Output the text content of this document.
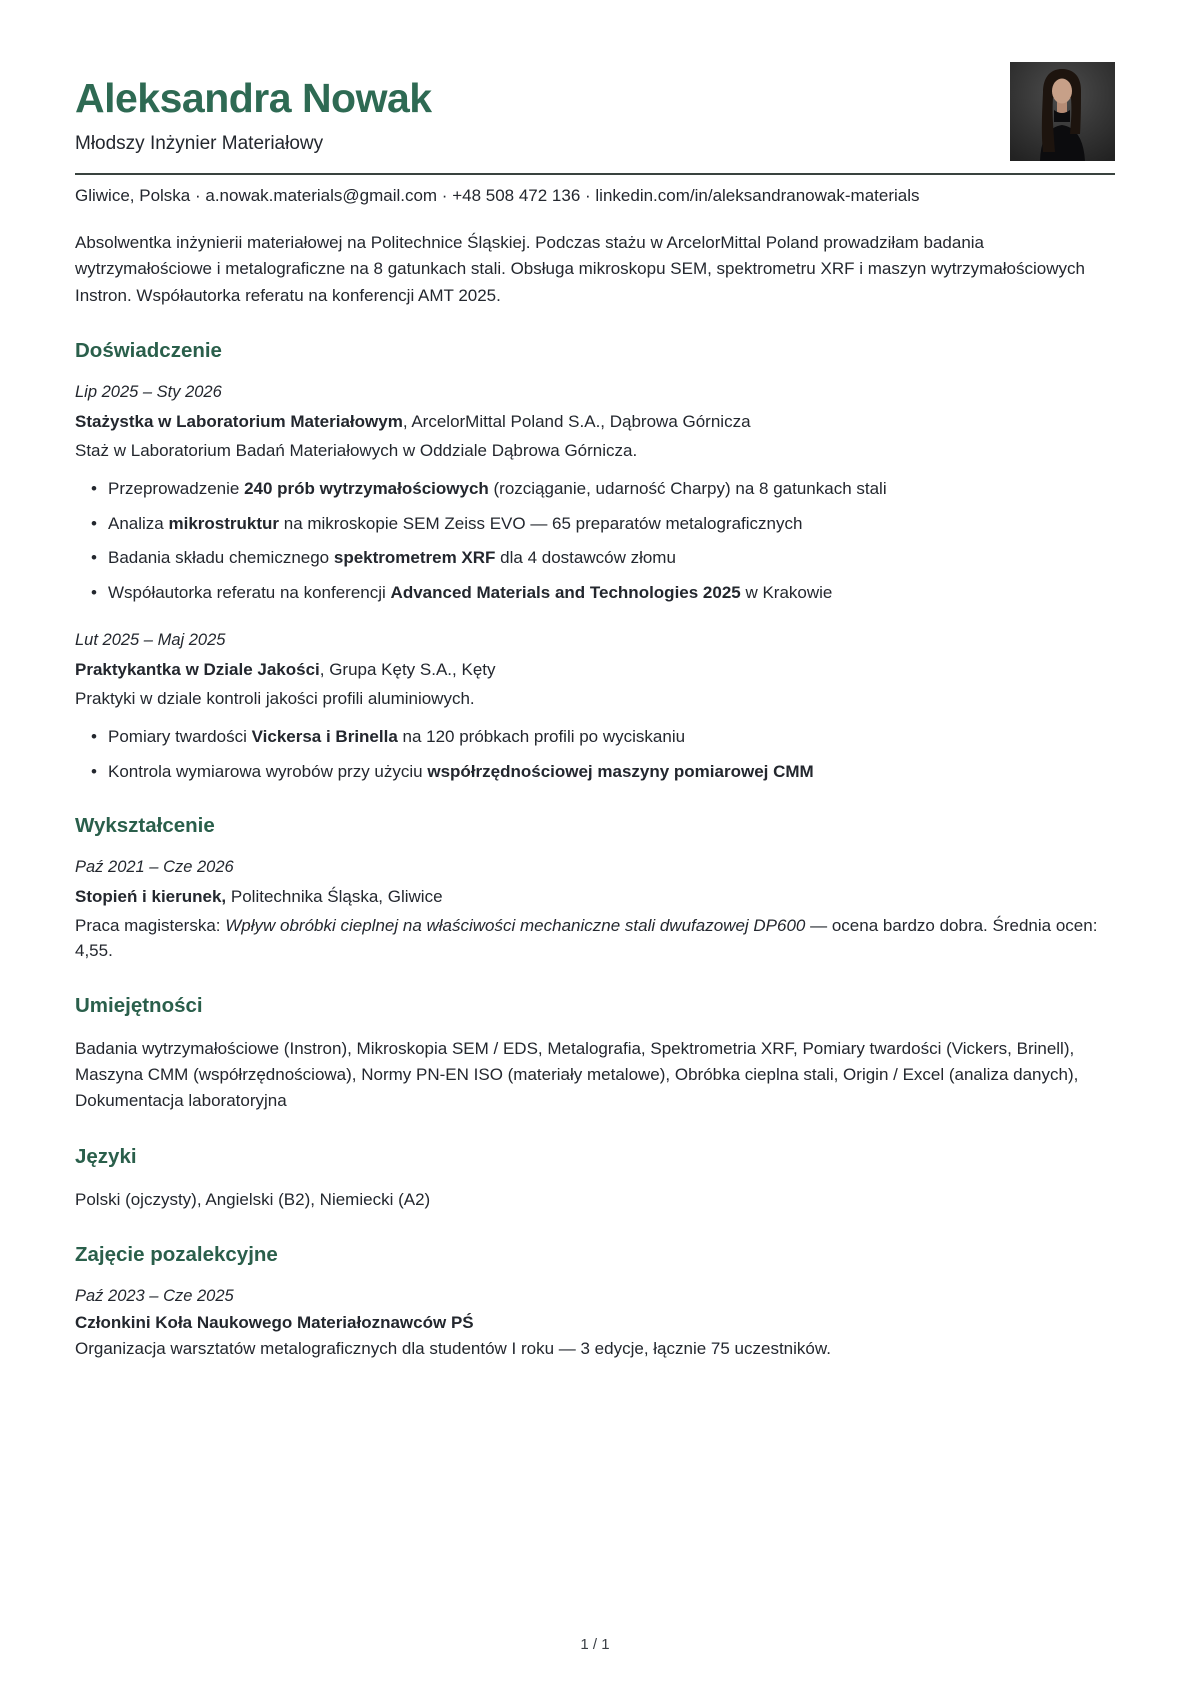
Aleksandra Nowak
Młodszy Inżynier Materiałowy
Gliwice, Polska · a.nowak.materials@gmail.com · +48 508 472 136 · linkedin.com/in/aleksandranowak-materials

Absolwentka inżynierii materiałowej na Politechnice Śląskiej. Podczas stażu w ArcelorMittal Poland prowadziłam badania wytrzymałościowe i metalograficzne na 8 gatunkach stali. Obsługa mikroskopu SEM, spektrometru XRF i maszyn wytrzymałościowych Instron. Współautorka referatu na konferencji AMT 2025.

Doświadczenie
Lip 2025 – Sty 2026
Stażystka w Laboratorium Materiałowym, ArcelorMittal Poland S.A., Dąbrowa Górnicza
Staż w Laboratorium Badań Materiałowych w Oddziale Dąbrowa Górnicza.
• Przeprowadzenie 240 prób wytrzymałościowych (rozciąganie, udarność Charpy) na 8 gatunkach stali
• Analiza mikrostruktur na mikroskopie SEM Zeiss EVO — 65 preparatów metalograficznych
• Badania składu chemicznego spektrometrem XRF dla 4 dostawców złomu
• Współautorka referatu na konferencji Advanced Materials and Technologies 2025 w Krakowie
Lut 2025 – Maj 2025
Praktykantka w Dziale Jakości, Grupa Kęty S.A., Kęty
Praktyki w dziale kontroli jakości profili aluminiowych.
• Pomiary twardości Vickersa i Brinella na 120 próbkach profili po wyciskaniu
• Kontrola wymiarowa wyrobów przy użyciu współrzędnościowej maszyny pomiarowej CMM
Wykształcenie
Paź 2021 – Cze 2026
Stopień i kierunek, Politechnika Śląska, Gliwice
Praca magisterska: Wpływ obróbki cieplnej na właściwości mechaniczne stali dwufazowej DP600 — ocena bardzo dobra. Średnia ocen: 4,55.
Umiejętności

Badania wytrzymałościowe (Instron), Mikroskopia SEM / EDS, Metalografia, Spektrometria XRF, Pomiary twardości (Vickers, Brinell), Maszyna CMM (współrzędnościowa), Normy PN-EN ISO (materiały metalowe), Obróbka cieplna stali, Origin / Excel (analiza danych), Dokumentacja laboratoryjna

Języki

Polski (ojczysty), Angielski (B2), Niemiecki (A2)

Zajęcie pozalekcyjne
Paź 2023 – Cze 2025
Członkini Koła Naukowego Materiałoznawców PŚ
Organizacja warsztatów metalograficznych dla studentów I roku — 3 edycje, łącznie 75 uczestników.
1 / 1
